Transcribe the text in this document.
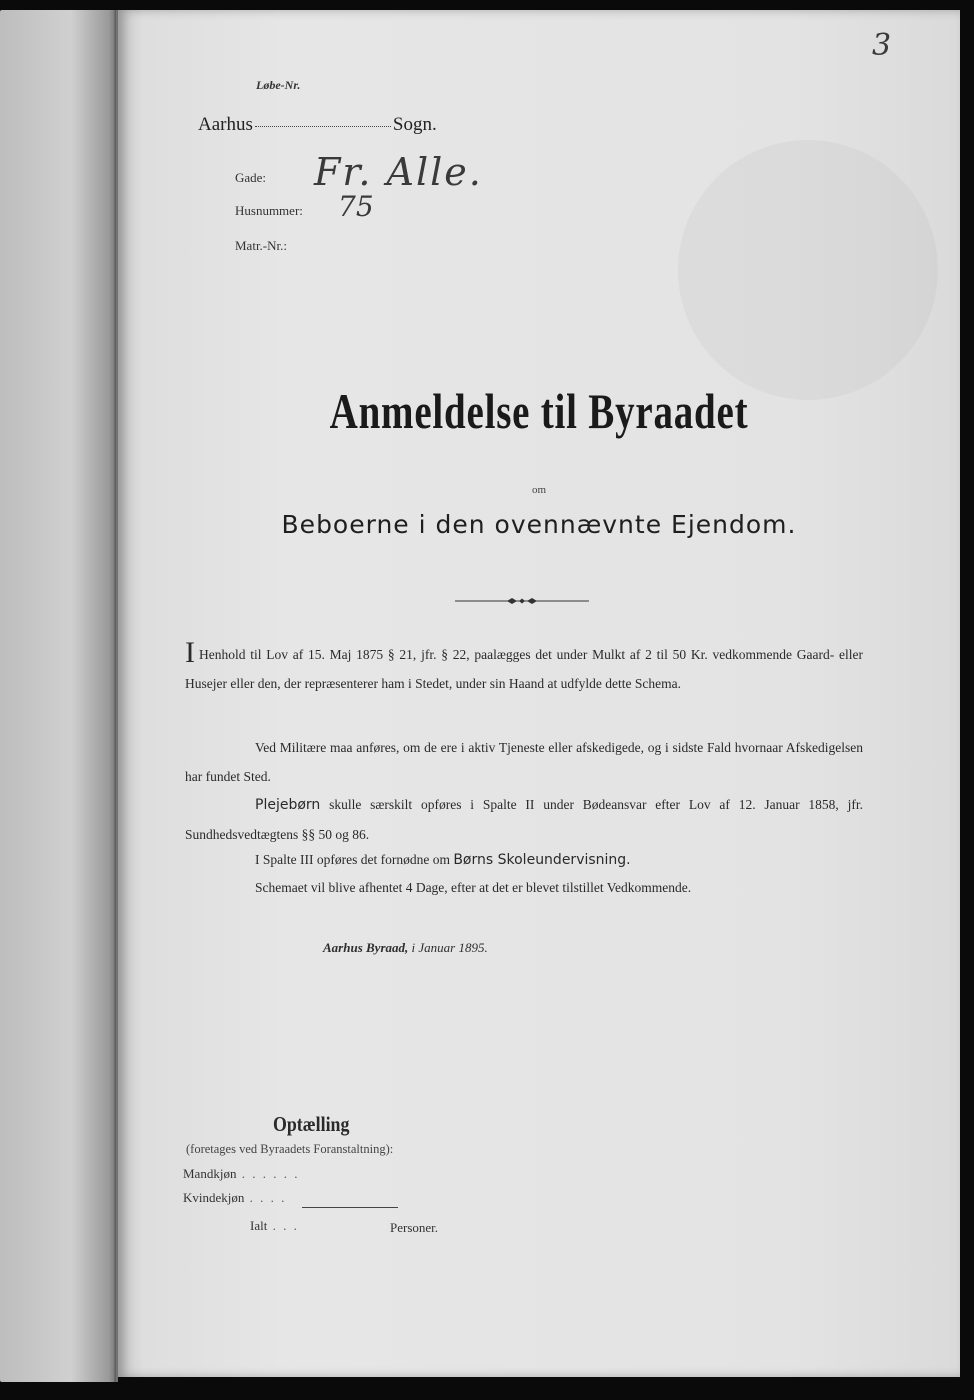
3
Løbe-Nr.
Aarhus	Sogn.
Gade: Fr. Alle.
Husnummer: 75
Matr.-Nr.:
Anmeldelse til Byraadet
om
Beboerne i den ovennævnte Ejendom.

I Henhold til Lov af 15. Maj 1875 § 21, jfr. § 22, paalægges det under Mulkt af 2 til 50 Kr. vedkommende Gaard- eller Husejer eller den, der repræsenterer ham i Stedet, under sin Haand at udfylde dette Schema.

Ved Militære maa anføres, om de ere i aktiv Tjeneste eller afskedigede, og i sidste Fald hvornaar Afskedigelsen har fundet Sted.

Plejebørn skulle særskilt opføres i Spalte II under Bødeansvar efter Lov af 12. Januar 1858, jfr. Sundhedsvedtægtens §§ 50 og 86.

I Spalte III opføres det fornødne om Børns Skoleundervisning.

Schemaet vil blive afhentet 4 Dage, efter at det er blevet tilstillet Vedkommende.

Aarhus Byraad, i Januar 1895.
Optælling
(foretages ved Byraadets Foranstaltning):
Mandkjøn . . . . . .
Kvindekjøn . . . .
Ialt . . .	Personer.
